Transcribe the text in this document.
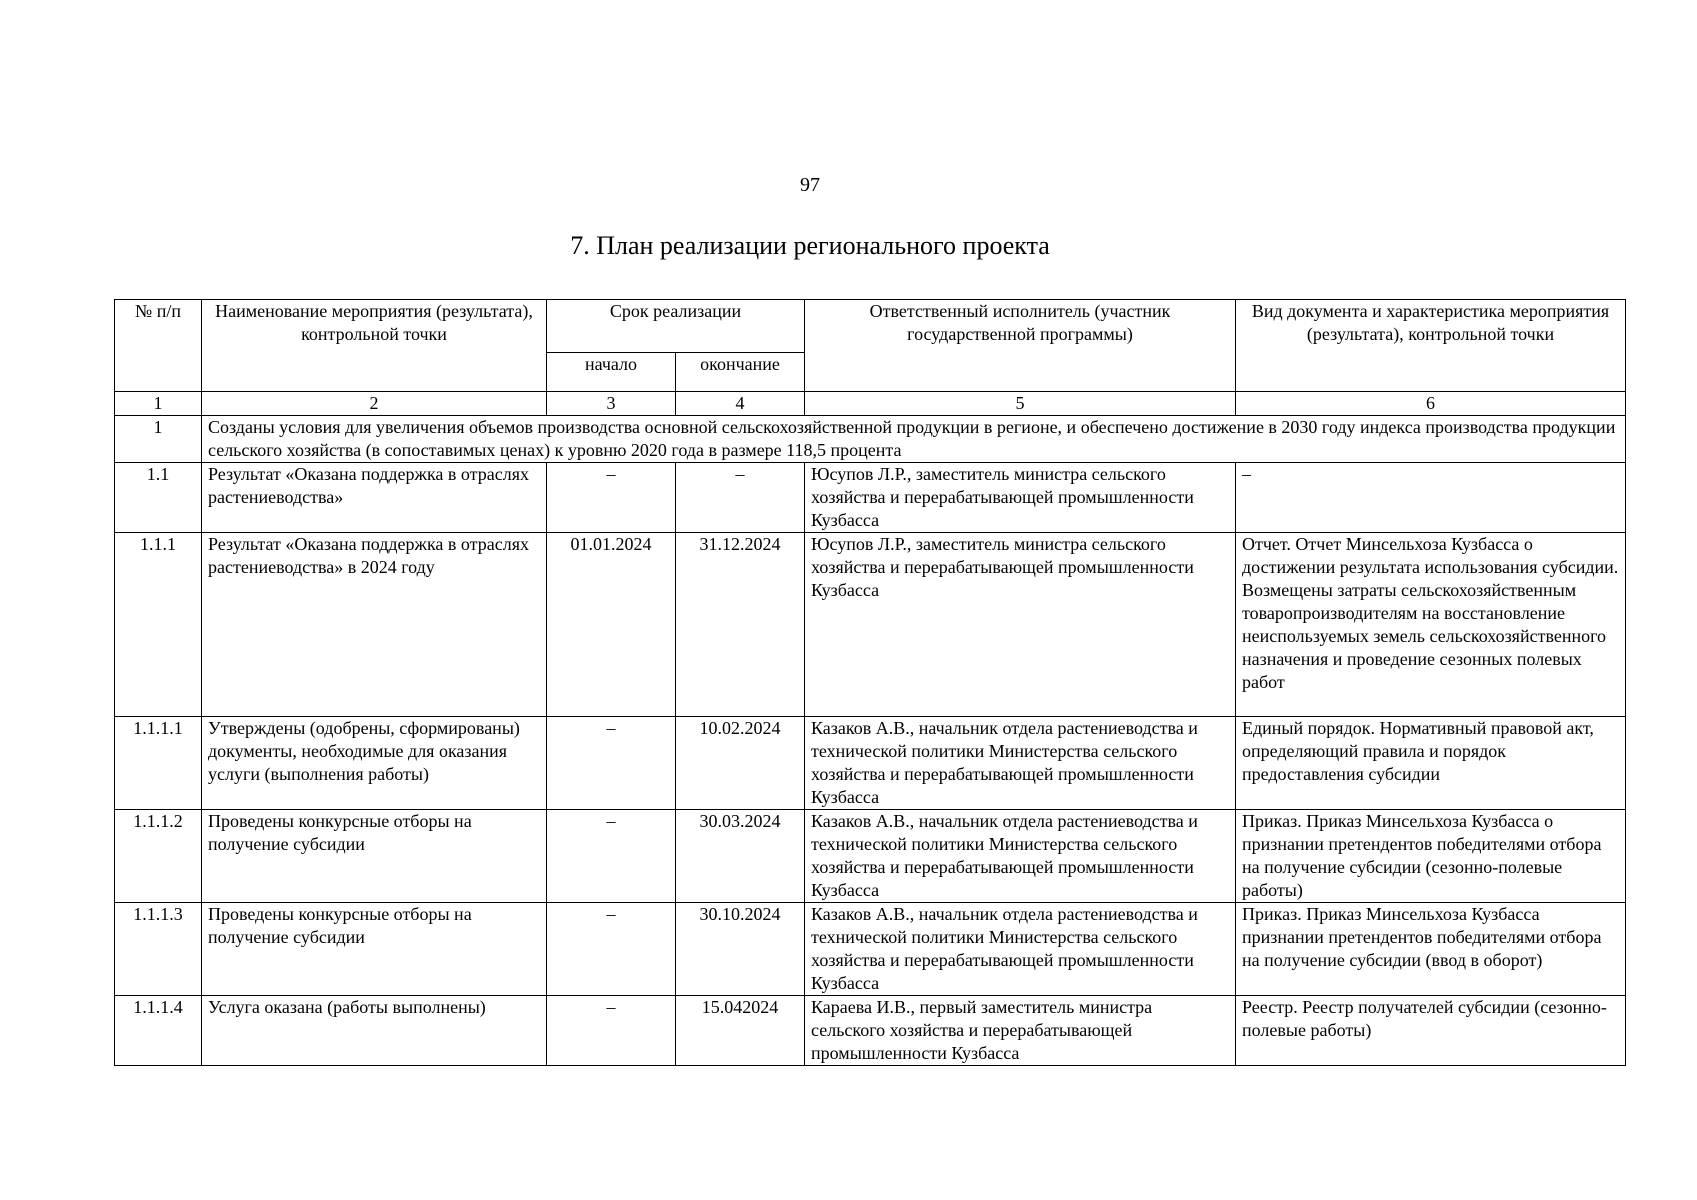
97
7. План реализации регионального проекта
№ п/п	Наименование мероприятия (результата), контрольной точки	Срок реализации		Ответственный исполнитель (участник государственной программы)	Вид документа и характеристика мероприятия (результата), контрольной точки
		начало	окончание		
1	2	3	4	5	6
1	Созданы условия для увеличения объемов производства основной сельскохозяйственной продукции в регионе, и обеспечено достижение в 2030 году индекса производства продукции сельского хозяйства (в сопоставимых ценах) к уровню 2020 года в размере 118,5 процента				
1.1	Результат «Оказана поддержка в отраслях растениеводства»	–	–	Юсупов Л.Р., заместитель министра сельского хозяйства и перерабатывающей промышленности Кузбасса	–
1.1.1	Результат «Оказана поддержка в отраслях растениеводства» в 2024 году	01.01.2024	31.12.2024	Юсупов Л.Р., заместитель министра сельского хозяйства и перерабатывающей промышленности Кузбасса	Отчет. Отчет Минсельхоза Кузбасса о достижении результата использования субсидии. Возмещены затраты сельскохозяйственным товаропроизводителям на восстановление неиспользуемых земель сельскохозяйственного назначения и проведение сезонных полевых работ
1.1.1.1	Утверждены (одобрены, сформированы) документы, необходимые для оказания услуги (выполнения работы)	–	10.02.2024	Казаков А.В., начальник отдела растениеводства и технической политики Министерства сельского хозяйства и перерабатывающей промышленности Кузбасса	Единый порядок. Нормативный правовой акт, определяющий правила и порядок предоставления субсидии
1.1.1.2	Проведены конкурсные отборы на получение субсидии	–	30.03.2024	Казаков А.В., начальник отдела растениеводства и технической политики Министерства сельского хозяйства и перерабатывающей промышленности Кузбасса	Приказ. Приказ Минсельхоза Кузбасса о признании претендентов победителями отбора на получение субсидии (сезонно-полевые работы)
1.1.1.3	Проведены конкурсные отборы на получение субсидии	–	30.10.2024	Казаков А.В., начальник отдела растениеводства и технической политики Министерства сельского хозяйства и перерабатывающей промышленности Кузбасса	Приказ. Приказ Минсельхоза Кузбасса признании претендентов победителями отбора на получение субсидии (ввод в оборот)
1.1.1.4	Услуга оказана (работы выполнены)	–	15.042024	Караева И.В., первый заместитель министра сельского хозяйства и перерабатывающей промышленности Кузбасса	Реестр. Реестр получателей субсидии (сезонно-полевые работы)
